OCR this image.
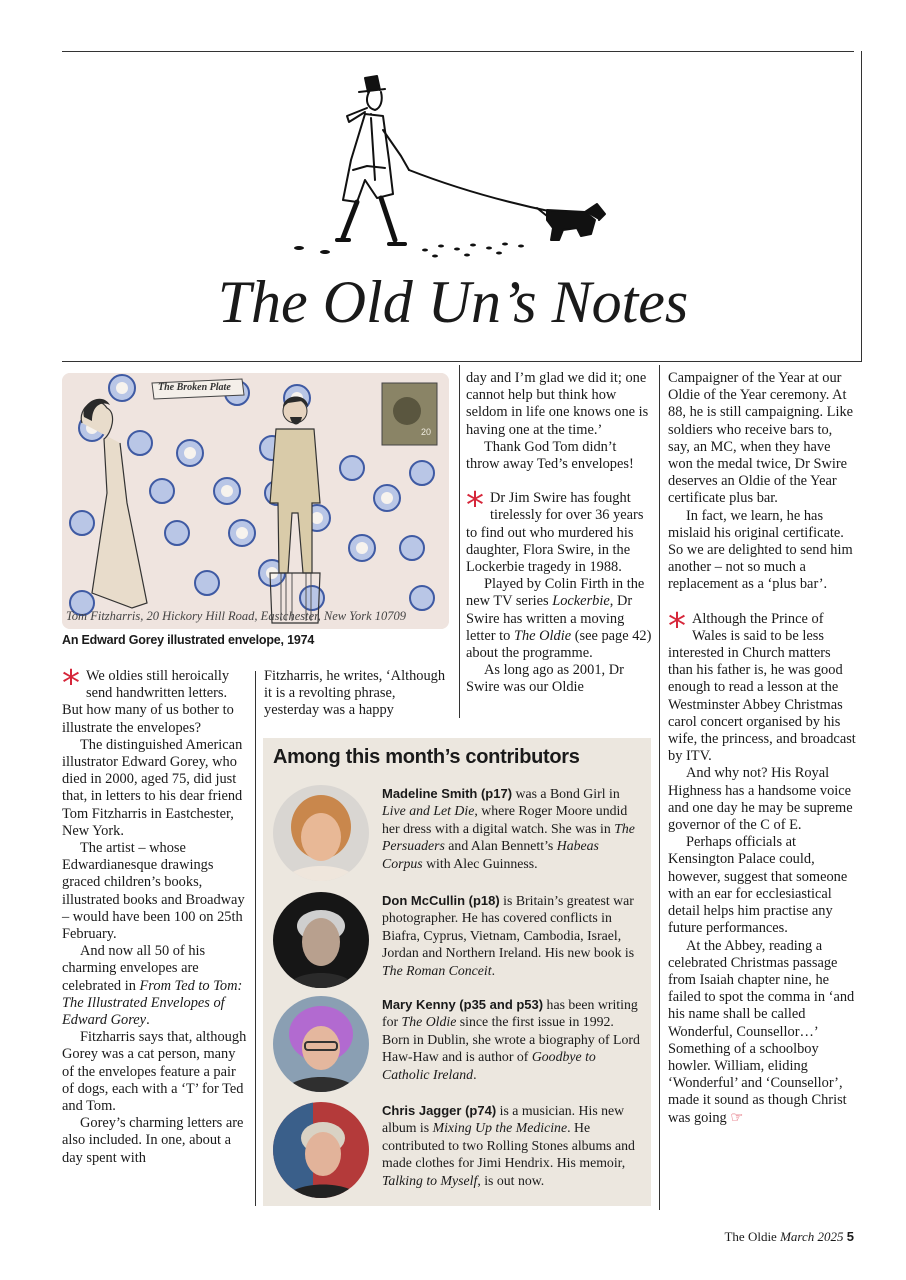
The Old Un’s Notes
The Broken Plate
20
Tom Fitzharris, 20 Hickory Hill Road, Eastchester, New York 10709
An Edward Gorey illustrated envelope, 1974

* We oldies still heroically send handwritten letters. But how many of us bother to illustrate the envelopes?

The distinguished American illustrator Edward Gorey, who died in 2000, aged 75, did just that, in letters to his dear friend Tom Fitzharris in Eastchester, New York.

The artist – whose Edwardianesque drawings graced children’s books, illustrated books and Broadway – would have been 100 on 25th February.

And now all 50 of his charming envelopes are celebrated in From Ted to Tom: The Illustrated Envelopes of Edward Gorey.

Fitzharris says that, although Gorey was a cat person, many of the envelopes feature a pair of dogs, each with a ‘T’ for Ted and Tom.

Gorey’s charming letters are also included. In one, about a day spent with

Fitzharris, he writes, ‘Although it is a revolting phrase, yesterday was a happy

day and I’m glad we did it; one cannot help but think how seldom in life one knows one is having one at the time.’

Thank God Tom didn’t throw away Ted’s envelopes!

* Dr Jim Swire has fought tirelessly for over 36 years to find out who murdered his daughter, Flora Swire, in the Lockerbie tragedy in 1988.

Played by Colin Firth in the new TV series Lockerbie, Dr Swire has written a moving letter to The Oldie (see page 42) about the programme.

As long ago as 2001, Dr Swire was our Oldie

Campaigner of the Year at our Oldie of the Year ceremony. At 88, he is still campaigning. Like soldiers who receive bars to, say, an MC, when they have won the medal twice, Dr Swire deserves an Oldie of the Year certificate plus bar.

In fact, we learn, he has mislaid his original certificate. So we are delighted to send him another – not so much a replacement as a ‘plus bar’.

* Although the Prince of Wales is said to be less interested in Church matters than his father is, he was good enough to read a lesson at the Westminster Abbey Christmas carol concert organised by his wife, the princess, and broadcast by ITV.

And why not? His Royal Highness has a handsome voice and one day he may be supreme governor of the C of E.

Perhaps officials at Kensington Palace could, however, suggest that someone with an ear for ecclesiastical detail helps him practise any future performances.

At the Abbey, reading a celebrated Christmas passage from Isaiah chapter nine, he failed to spot the comma in ‘and his name shall be called Wonderful, Counsellor…’ Something of a schoolboy howler. William, eliding ‘Wonderful’ and ‘Counsellor’, made it sound as though Christ was going ☞

Among this month’s contributors
Madeline Smith (p17) was a Bond Girl in Live and Let Die, where Roger Moore undid her dress with a digital watch. She was in The Persuaders and Alan Bennett’s Habeas Corpus with Alec Guinness.
Don McCullin (p18) is Britain’s greatest war photographer. He has covered conflicts in Biafra, Cyprus, Vietnam, Cambodia, Israel, Jordan and Northern Ireland. His new book is The Roman Conceit.
Mary Kenny (p35 and p53) has been writing for The Oldie since the first issue in 1992. Born in Dublin, she wrote a biography of Lord Haw-Haw and is author of Goodbye to Catholic Ireland.
Chris Jagger (p74) is a musician. His new album is Mixing Up the Medicine. He contributed to two Rolling Stones albums and made clothes for Jimi Hendrix. His memoir, Talking to Myself, is out now.
The Oldie March 2025 5
